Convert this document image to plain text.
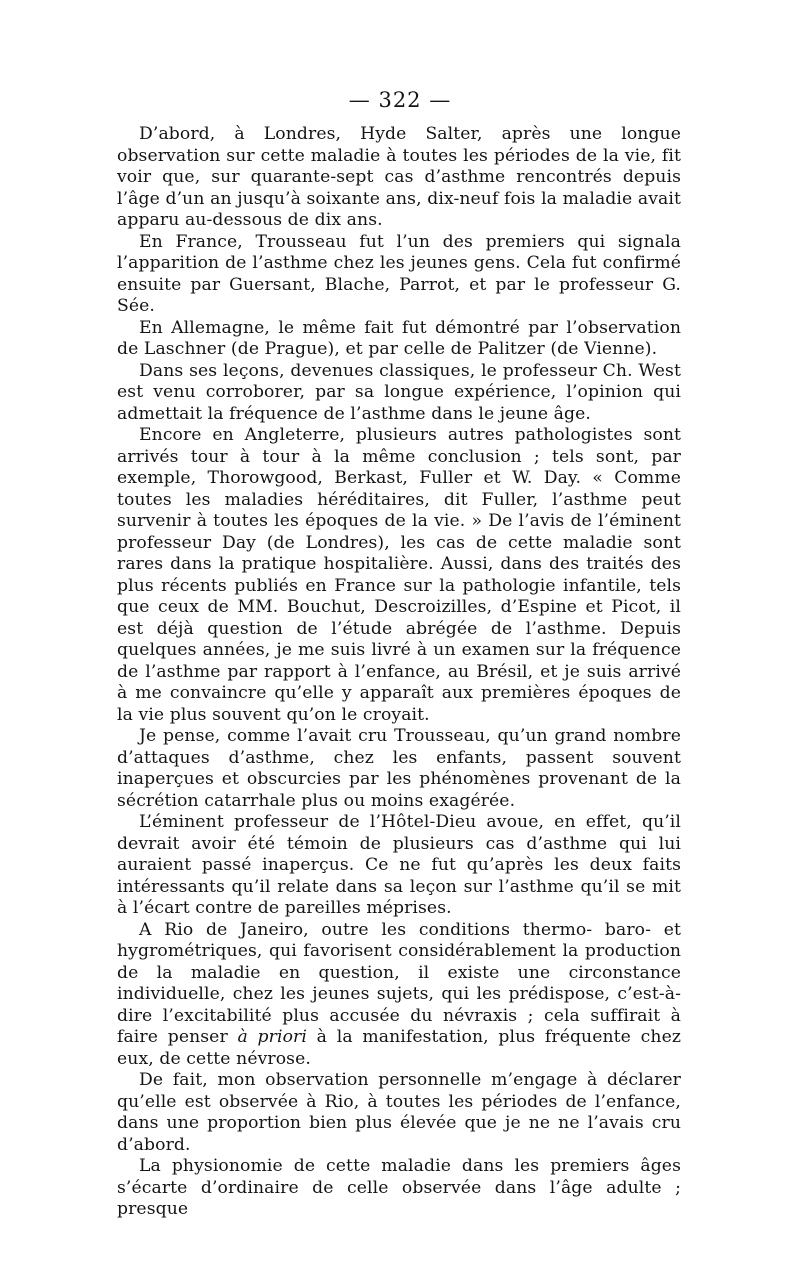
— 322 —

D’abord, à Londres, Hyde Salter, après une longue observation sur cette maladie à toutes les périodes de la vie, fit voir que, sur quarante-sept cas d’asthme rencontrés depuis l’âge d’un an jusqu’à soixante ans, dix-neuf fois la maladie avait apparu au-dessous de dix ans.

En France, Trousseau fut l’un des premiers qui signala l’apparition de l’asthme chez les jeunes gens. Cela fut confirmé ensuite par Guersant, Blache, Parrot, et par le professeur G. Sée.

En Allemagne, le même fait fut démontré par l’observation de Laschner (de Prague), et par celle de Palitzer (de Vienne).

Dans ses leçons, devenues classiques, le professeur Ch. West est venu corroborer, par sa longue expérience, l’opinion qui admettait la fréquence de l’asthme dans le jeune âge.

Encore en Angleterre, plusieurs autres pathologistes sont arrivés tour à tour à la même conclusion ; tels sont, par exemple, Thorowgood, Berkast, Fuller et W. Day. « Comme toutes les maladies héréditaires, dit Fuller, l’asthme peut survenir à toutes les époques de la vie. » De l’avis de l’éminent professeur Day (de Londres), les cas de cette maladie sont rares dans la pratique hospitalière. Aussi, dans des traités des plus récents publiés en France sur la pathologie infantile, tels que ceux de MM. Bouchut, Descroizilles, d’Espine et Picot, il est déjà question de l’étude abrégée de l’asthme. Depuis quelques années, je me suis livré à un examen sur la fréquence de l’asthme par rapport à l’enfance, au Brésil, et je suis arrivé à me convaincre qu’elle y apparaît aux premières époques de la vie plus souvent qu’on le croyait.

Je pense, comme l’avait cru Trousseau, qu’un grand nombre d’attaques d’asthme, chez les enfants, passent souvent inaperçues et obscurcies par les phénomènes provenant de la sécrétion catarrhale plus ou moins exagérée.

L’éminent professeur de l’Hôtel-Dieu avoue, en effet, qu’il devrait avoir été témoin de plusieurs cas d’asthme qui lui auraient passé inaperçus. Ce ne fut qu’après les deux faits intéressants qu’il relate dans sa leçon sur l’asthme qu’il se mit à l’écart contre de pareilles méprises.

A Rio de Janeiro, outre les conditions thermo- baro- et hygrométriques, qui favorisent considérablement la production de la maladie en question, il existe une circonstance individuelle, chez les jeunes sujets, qui les prédispose, c’est-à-dire l’excitabilité plus accusée du névraxis ; cela suffirait à faire penser à priori à la manifestation, plus fréquente chez eux, de cette névrose.

De fait, mon observation personnelle m’engage à déclarer qu’elle est observée à Rio, à toutes les périodes de l’enfance, dans une proportion bien plus élevée que je ne ne l’avais cru d’abord.

La physionomie de cette maladie dans les premiers âges s’écarte d’ordinaire de celle observée dans l’âge adulte ; presque
